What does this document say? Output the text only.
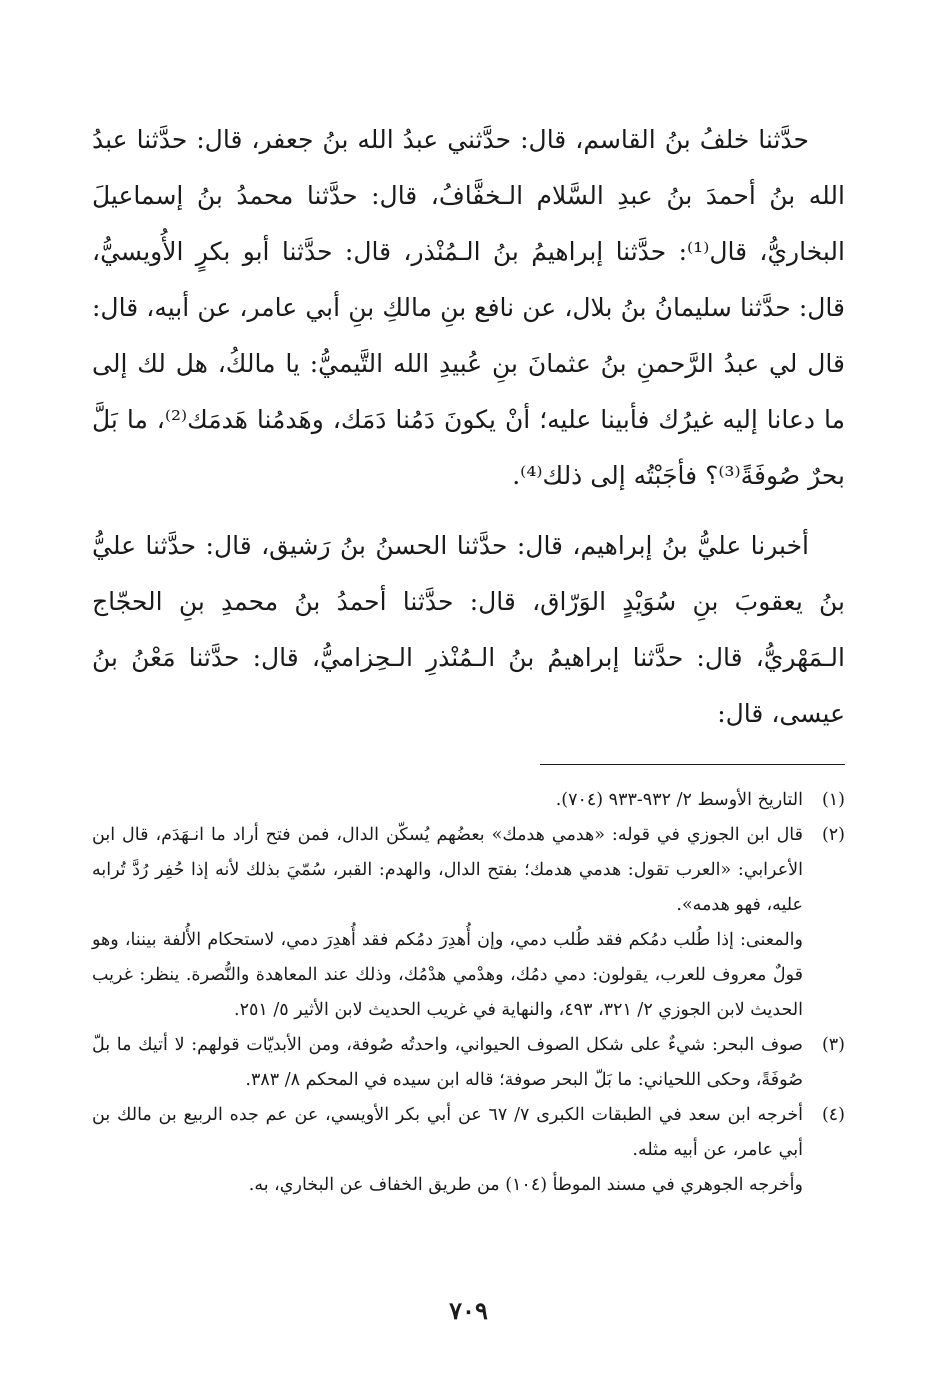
حدَّثنا خلفُ بنُ القاسم، قال: حدَّثني عبدُ الله بنُ جعفر، قال: حدَّثنا عبدُ الله بنُ أحمدَ بنُ عبدِ السَّلام الـخفَّافُ، قال: حدَّثنا محمدُ بنُ إسماعيلَ البخاريُّ، قال⁽¹⁾: حدَّثنا إبراهيمُ بنُ الـمُنْذر، قال: حدَّثنا أبو بكرٍ الأُويسيُّ، قال: حدَّثنا سليمانُ بنُ بلال، عن نافع بنِ مالكِ بنِ أبي عامر، عن أبيه، قال: قال لي عبدُ الرَّحمنِ بنُ عثمانَ بنِ عُبيدِ الله التَّيميُّ: يا مالكُ، هل لك إلى ما دعانا إليه غيرُك فأبينا عليه؛ أنْ يكونَ دَمُنا دَمَك، وهَدمُنا هَدمَك⁽²⁾، ما بَلَّ بحرٌ صُوفَةً⁽³⁾؟ فأجَبْتُه إلى ذلك⁽⁴⁾.

أخبرنا عليُّ بنُ إبراهيم، قال: حدَّثنا الحسنُ بنُ رَشيق، قال: حدَّثنا عليُّ بنُ يعقوبَ بنِ سُوَيْدٍ الوَرّاق، قال: حدَّثنا أحمدُ بنُ محمدِ بنِ الحجّاج الـمَهْريُّ، قال: حدَّثنا إبراهيمُ بنُ الـمُنْذرِ الـحِزاميُّ، قال: حدَّثنا مَعْنُ بنُ عيسى، قال:

(١)

التاريخ الأوسط ٢/ ٩٣٢-٩٣٣ (٧٠٤).

(٢)

قال ابن الجوزي في قوله: «هدمي هدمك» بعضُهم يُسكّن الدال، فمن فتح أراد ما انـهَدَم، قال ابن الأعرابي: «العرب تقول: هدمي هدمك؛ بفتح الدال، والهدم: القبر، سُمّيَ بذلك لأنه إذا حُفِر رُدَّ تُرابه عليه، فهو هدمه».

والمعنى: إذا طُلب دمُكم فقد طُلب دمي، وإن أُهدِرَ دمُكم فقد أُهدِرَ دمي، لاستحكام الأُلفة بيننا، وهو قولٌ معروف للعرب، يقولون: دمي دمُك، وهدْمي هدْمُك، وذلك عند المعاهدة والنُّصرة. ينظر: غريب الحديث لابن الجوزي ٢/ ٣٢١، ٤٩٣، والنهاية في غريب الحديث لابن الأثير ٥/ ٢٥١.

(٣)

صوف البحر: شيءٌ على شكل الصوف الحيواني، واحدتُه صُوفة، ومن الأبديّات قولهم: لا أتيك ما بلّ صُوفَةً، وحكى اللحياني: ما بَلّ البحر صوفة؛ قاله ابن سيده في المحكم ٨/ ٣٨٣.

(٤)

أخرجه ابن سعد في الطبقات الكبرى ٧/ ٦٧ عن أبي بكر الأويسي، عن عم جده الربيع بن مالك بن أبي عامر، عن أبيه مثله.

وأخرجه الجوهري في مسند الموطأ (١٠٤) من طريق الخفاف عن البخاري، به.

٧٠٩
